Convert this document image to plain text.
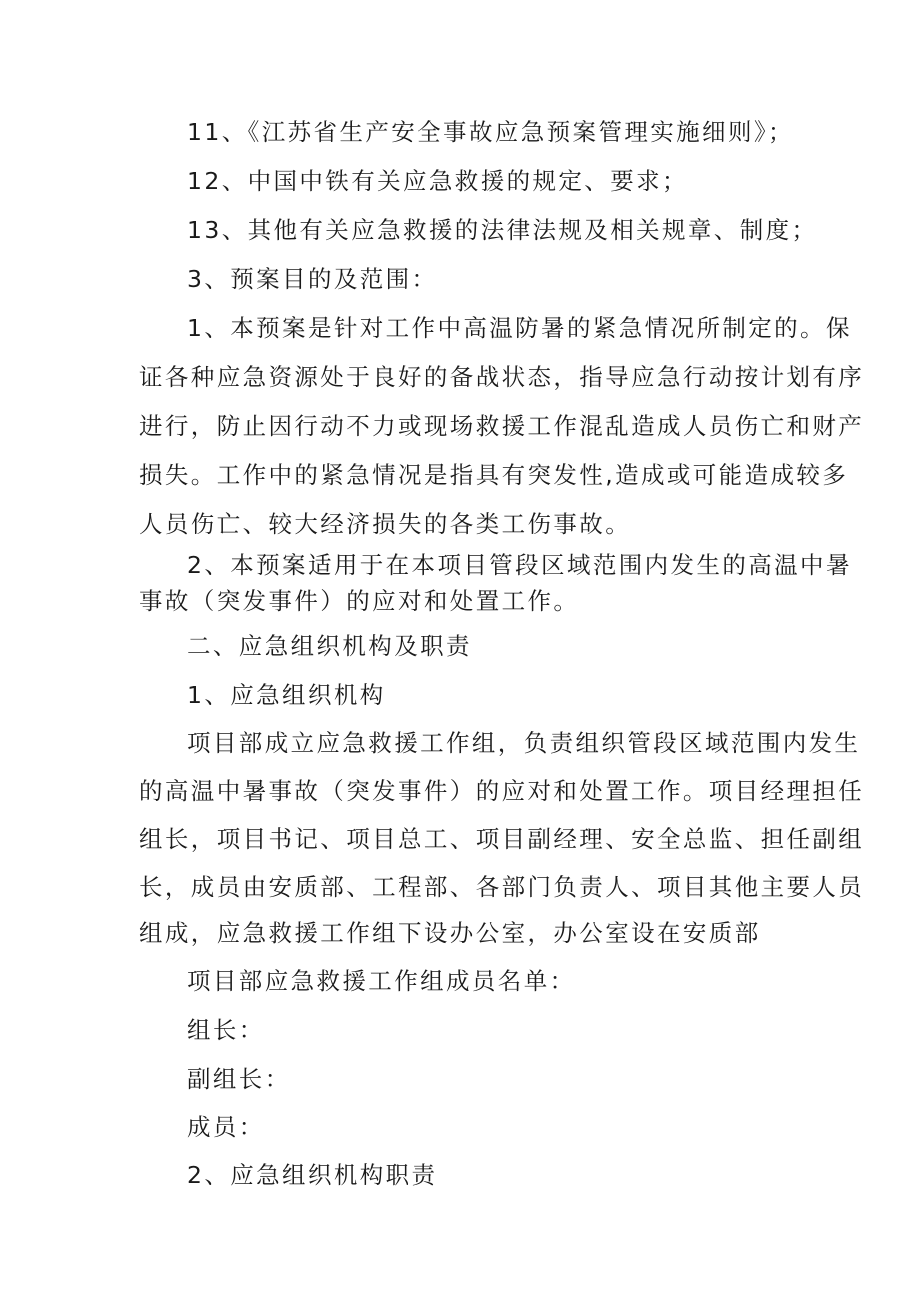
11、《江苏省生产安全事故应急预案管理实施细则》；
12、中国中铁有关应急救援的规定、要求；
13、其他有关应急救援的法律法规及相关规章、制度；
3、预案目的及范围：
1、本预案是针对工作中高温防暑的紧急情况所制定的。保
证各种应急资源处于良好的备战状态，指导应急行动按计划有序
进行，防止因行动不力或现场救援工作混乱造成人员伤亡和财产
损失。工作中的紧急情况是指具有突发性,造成或可能造成较多
人员伤亡、较大经济损失的各类工伤事故。
2、本预案适用于在本项目管段区域范围内发生的高温中暑
事故（突发事件）的应对和处置工作。
二、应急组织机构及职责
1、应急组织机构
项目部成立应急救援工作组，负责组织管段区域范围内发生
的高温中暑事故（突发事件）的应对和处置工作。项目经理担任
组长，项目书记、项目总工、项目副经理、安全总监、担任副组
长，成员由安质部、工程部、各部门负责人、项目其他主要人员
组成，应急救援工作组下设办公室，办公室设在安质部
项目部应急救援工作组成员名单：
组长：
副组长：
成员：
2、应急组织机构职责
